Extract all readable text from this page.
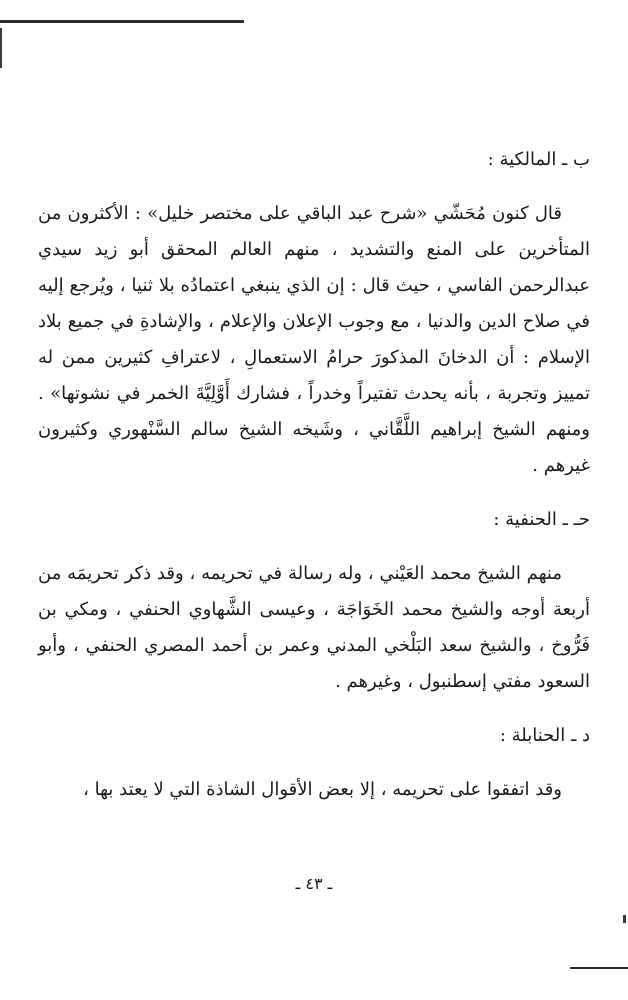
ب ـ المالكية :

قال كنون مُحَشّي «شرح عبد الباقي على مختصر خليل» : الأكثرون من المتأخرين على المنع والتشديد ، منهم العالم المحقق أبو زيد سيدي عبدالرحمن الفاسي ، حيث قال : إن الذي ينبغي اعتمادُه بلا ثنيا ، ويُرجع إليه في صلاح الدين والدنيا ، مع وجوب الإعلان والإعلام ، والإشادةِ في جميع بلاد الإسلام : أن الدخانَ المذكورَ حرامُ الاستعمالِ ، لاعترافِ كثيرين ممن له تمييز وتجربة ، بأنه يحدث تفتيراً وخدراً ، فشارك أَوَّلِيَّةَ الخمر في نشوتها» . ومنهم الشيخ إبراهيم اللَّقَّاني ، وشَيخه الشيخ سالم السَّنْهوري وكثيرون غيرهم .

حـ ـ الحنفية :

منهم الشيخ محمد العَيْني ، وله رسالة في تحريمه ، وقد ذكر تحريمَه من أربعة أوجه والشيخ محمد الخَوَاجَة ، وعيسى الشَّهاوي الحنفي ، ومكي بن فَرُّوخ ، والشيخ سعد البَلْخي المدني وعمر بن أحمد المصري الحنفي ، وأبو السعود مفتي إسطنبول ، وغيرهم .

د ـ الحنابلة :

وقد اتفقوا على تحريمه ، إلا بعض الأقوال الشاذة التي لا يعتد بها ،

ـ ٤٣ ـ
